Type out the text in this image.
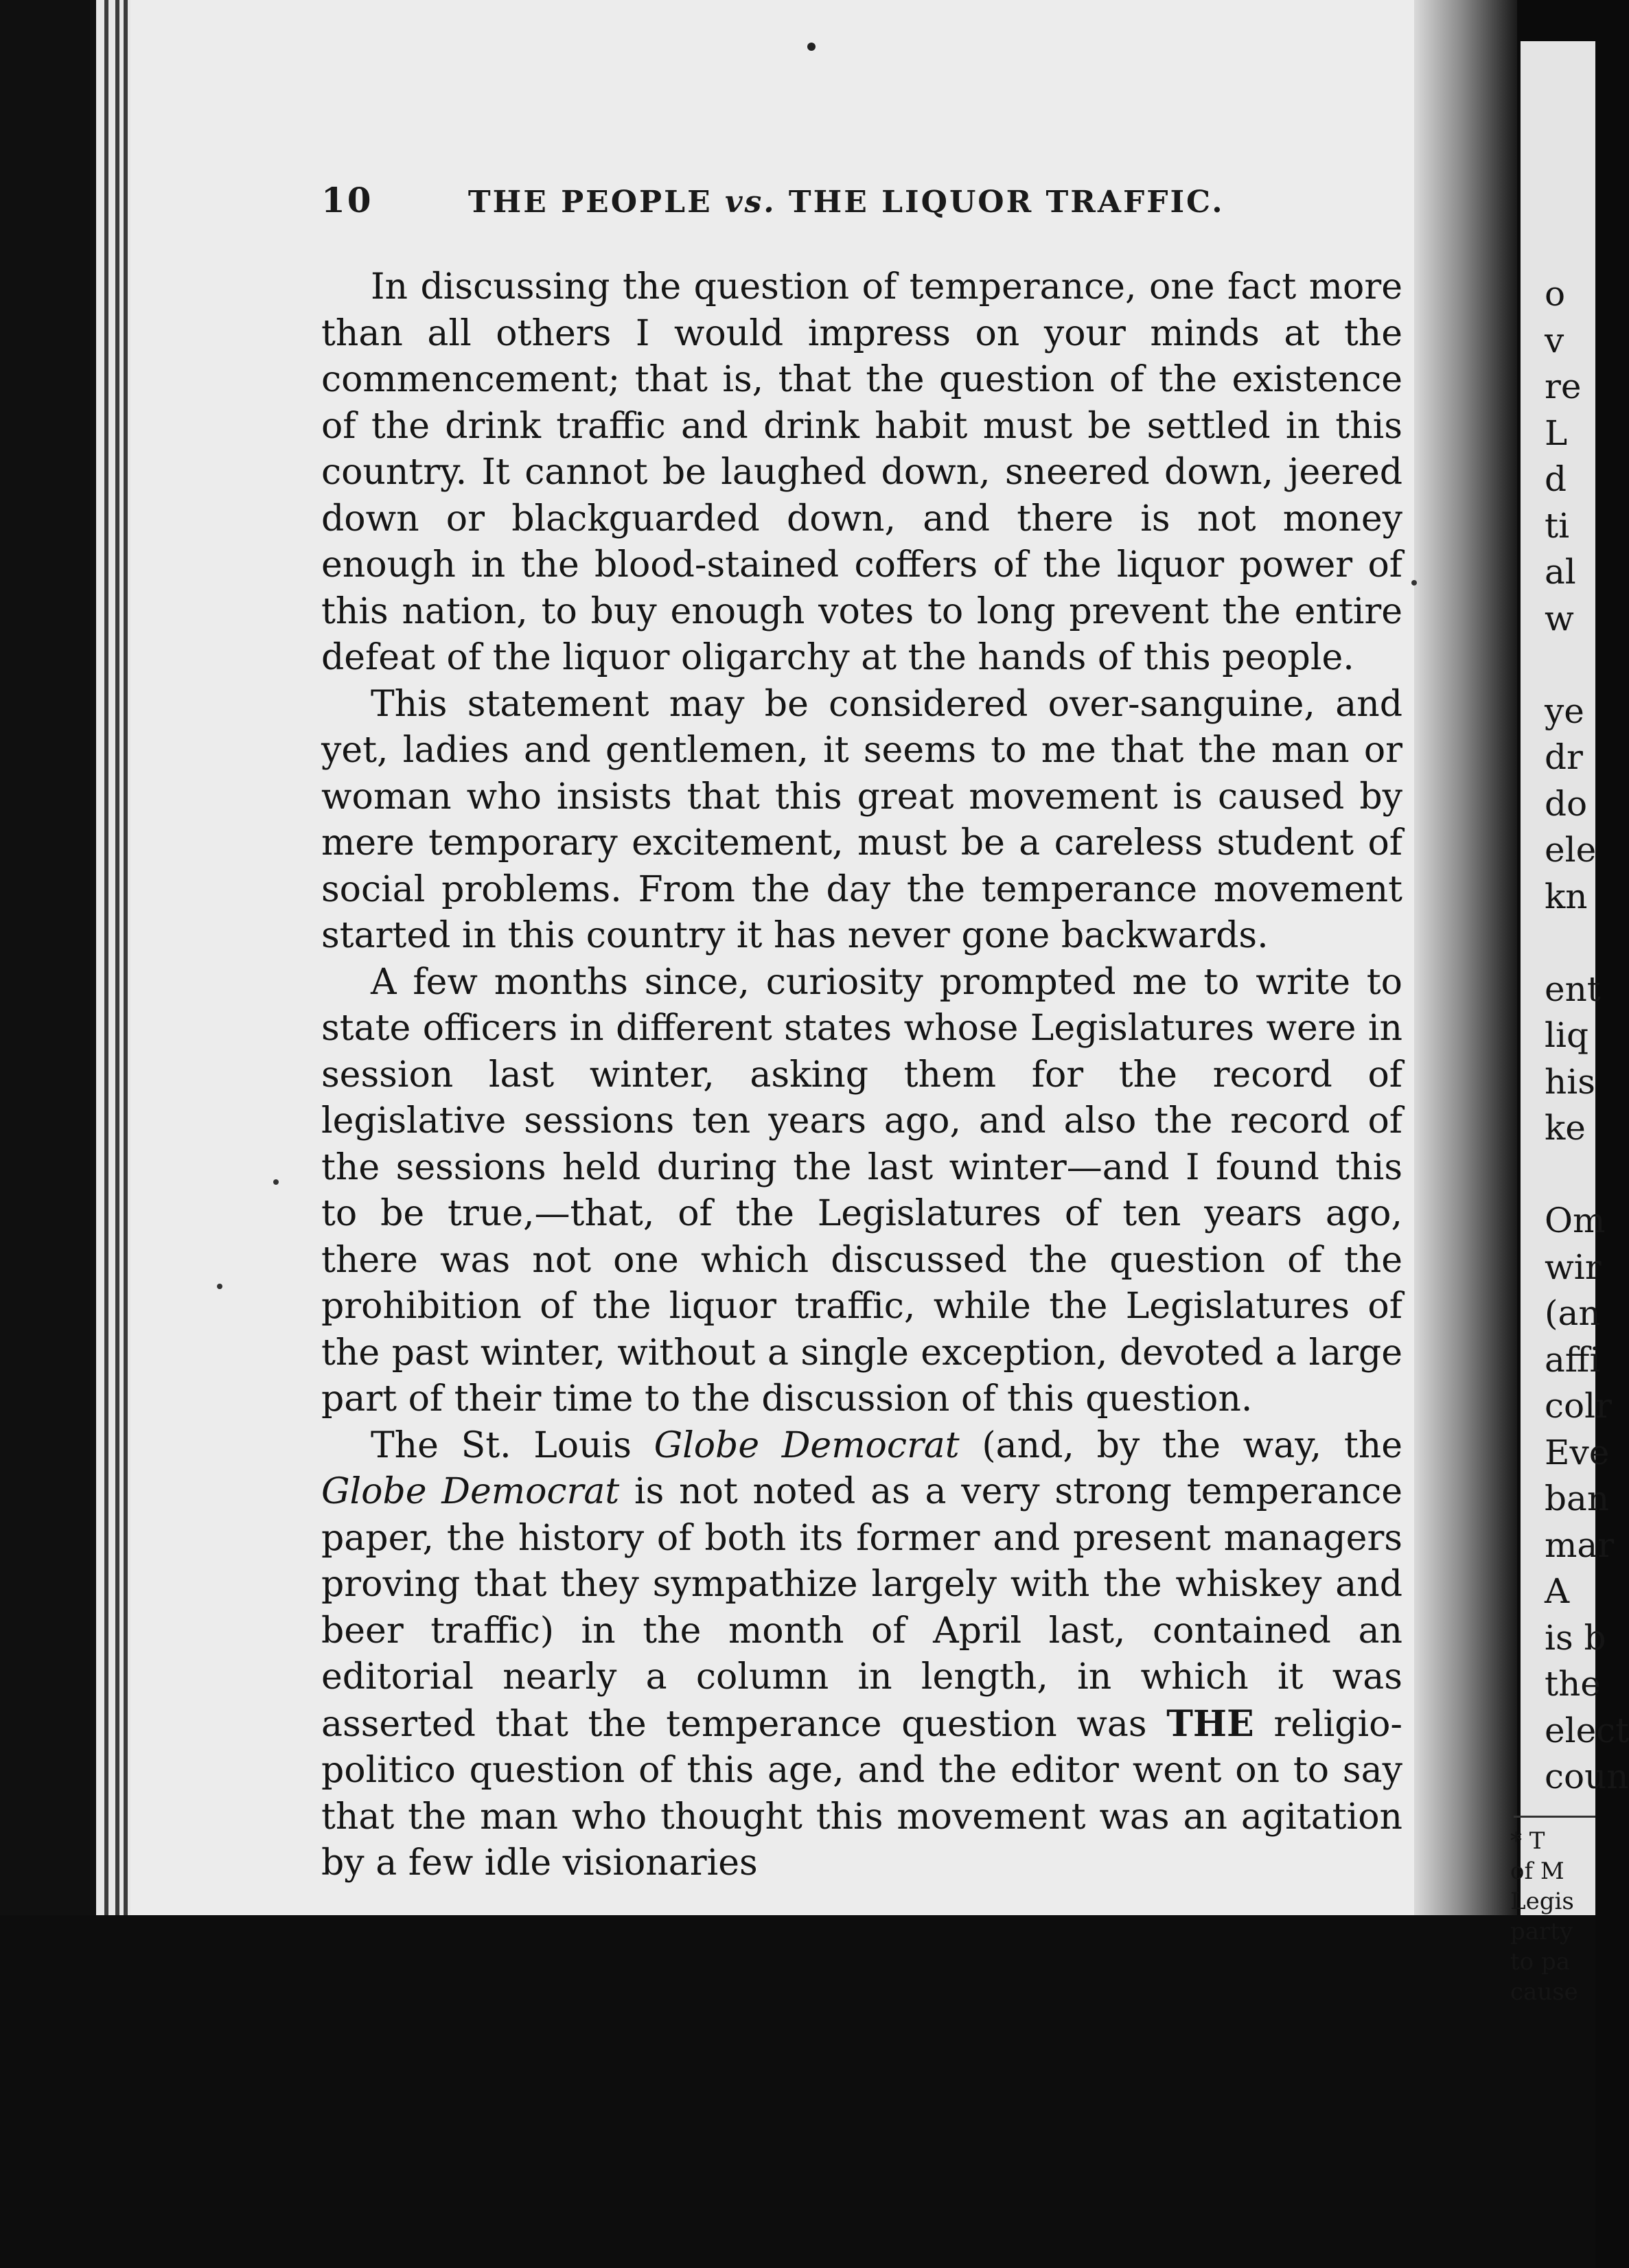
10	THE PEOPLE vs. THE LIQUOR TRAFFIC.

In discussing the question of temperance, one fact more than all others I would impress on your minds at the commencement; that is, that the question of the existence of the drink traffic and drink habit must be settled in this country. It cannot be laughed down, sneered down, jeered down or blackguarded down, and there is not money enough in the blood-stained coffers of the liquor power of this nation, to buy enough votes to long prevent the entire defeat of the liquor oligarchy at the hands of this people.

This statement may be considered over-sanguine, and yet, ladies and gentlemen, it seems to me that the man or woman who insists that this great movement is caused by mere temporary excitement, must be a careless student of social problems. From the day the temperance movement started in this country it has never gone backwards.

A few months since, curiosity prompted me to write to state officers in different states whose Legislatures were in session last winter, asking them for the record of legislative sessions ten years ago, and also the record of the sessions held during the last winter—and I found this to be true,—that, of the Legislatures of ten years ago, there was not one which discussed the question of the prohibition of the liquor traffic, while the Legislatures of the past winter, without a single exception, devoted a large part of their time to the discussion of this question.

The St. Louis Globe Democrat (and, by the way, the Globe Democrat is not noted as a very strong temperance paper, the history of both its former and present managers proving that they sympathize largely with the whiskey and beer traffic) in the month of April last, contained an editorial nearly a column in length, in which it was asserted that the temperance question was THE religio-politico question of this age, and the editor went on to say that the man who thought this movement was an agitation by a few idle visionaries

o
v
re
L
d
ti
al
w
ye
dr
do
ele
kn
ent
liq
his
ke
Om
wir
(an
affi
colr
Eve
ban
mar
A
is b
the
elect
coun
* T
of M
Legis
party
to pa
cause
